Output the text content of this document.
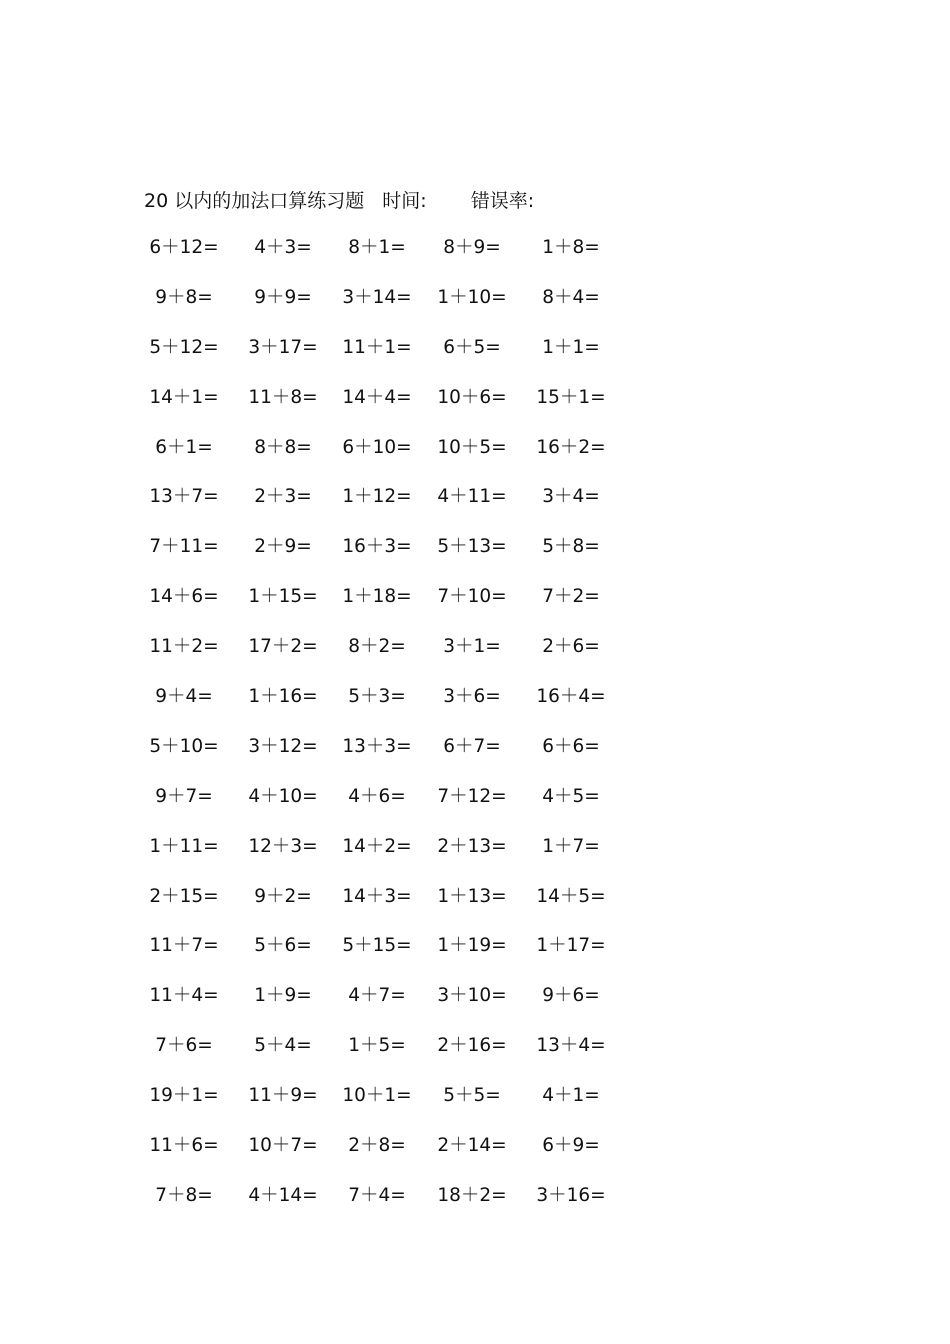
20 以内的加法口算练习题 时间: 错误率:
6＋12=	4＋3=	8＋1=	8＋9=	1＋8=
9＋8=	9＋9=	3＋14=	1＋10=	8＋4=
5＋12=	3＋17=	11＋1=	6＋5=	1＋1=
14＋1=	11＋8=	14＋4=	10＋6=	15＋1=
6＋1=	8＋8=	6＋10=	10＋5=	16＋2=
13＋7=	2＋3=	1＋12=	4＋11=	3＋4=
7＋11=	2＋9=	16＋3=	5＋13=	5＋8=
14＋6=	1＋15=	1＋18=	7＋10=	7＋2=
11＋2=	17＋2=	8＋2=	3＋1=	2＋6=
9＋4=	1＋16=	5＋3=	3＋6=	16＋4=
5＋10=	3＋12=	13＋3=	6＋7=	6＋6=
9＋7=	4＋10=	4＋6=	7＋12=	4＋5=
1＋11=	12＋3=	14＋2=	2＋13=	1＋7=
2＋15=	9＋2=	14＋3=	1＋13=	14＋5=
11＋7=	5＋6=	5＋15=	1＋19=	1＋17=
11＋4=	1＋9=	4＋7=	3＋10=	9＋6=
7＋6=	5＋4=	1＋5=	2＋16=	13＋4=
19＋1=	11＋9=	10＋1=	5＋5=	4＋1=
11＋6=	10＋7=	2＋8=	2＋14=	6＋9=
7＋8=	4＋14=	7＋4=	18＋2=	3＋16=
